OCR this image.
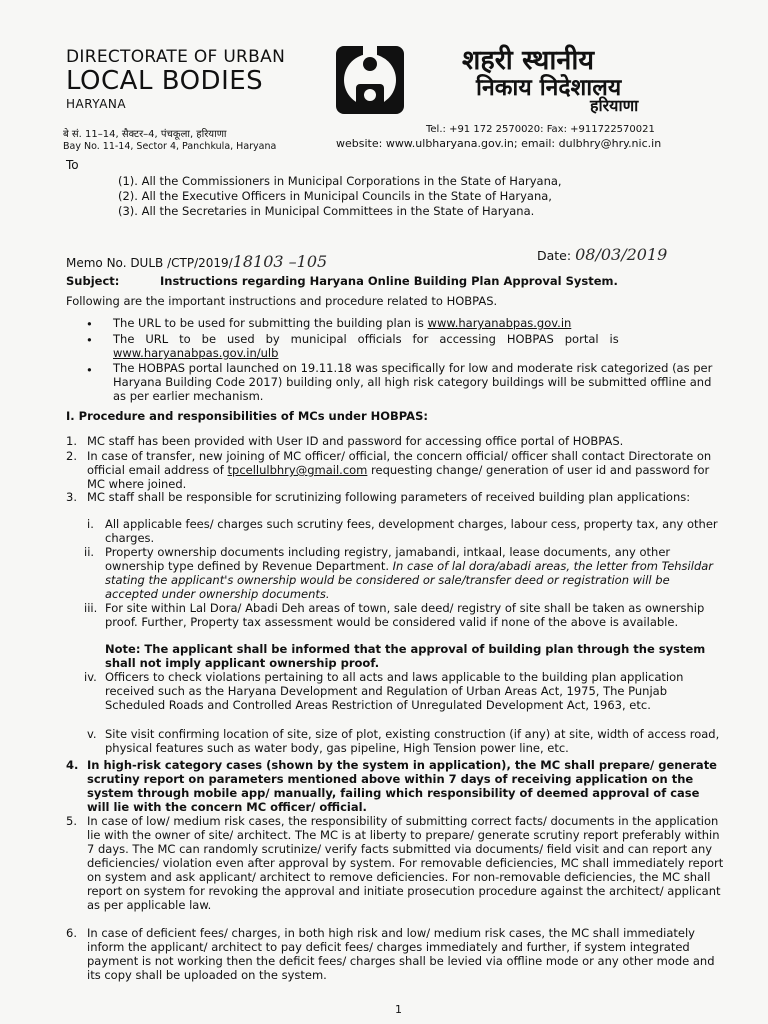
DIRECTORATE OF URBAN
LOCAL BODIES
HARYANA
शहरी स्थानीय
निकाय निदेशालय
हरियाणा
बे सं. 11–14, सैक्टर–4, पंचकूला, हरियाणा
Bay No. 11-14, Sector 4, Panchkula, Haryana
Tel.: +91 172 2570020: Fax: +911722570021
website: www.ulbharyana.gov.in; email: dulbhry@hry.nic.in
To
(1). All the Commissioners in Municipal Corporations in the State of Haryana,
(2). All the Executive Officers in Municipal Councils in the State of Haryana,
(3). All the Secretaries in Municipal Committees in the State of Haryana.
Memo No. DULB /CTP/2019/18103 –105	Date: 08/03/2019
Subject:	Instructions regarding Haryana Online Building Plan Approval System.
Following are the important instructions and procedure related to HOBPAS.
• The URL to be used for submitting the building plan is www.haryanabpas.gov.in
• The   URL   to   be   used   by   municipal   officials   for   accessing   HOBPAS   portal   is
www.haryanabpas.gov.in/ulb
• The HOBPAS portal launched on 19.11.18 was specifically for low and moderate risk categorized (as per Haryana Building Code 2017) building only, all high risk category buildings will be submitted offline and as per earlier mechanism.
I. Procedure and responsibilities of MCs under HOBPAS:
1. MC staff has been provided with User ID and password for accessing office portal of HOBPAS.
2. In case of transfer, new joining of MC officer/ official, the concern official/ officer shall contact Directorate on official email address of tpcellulbhry@gmail.com requesting change/ generation of user id and password for MC where joined.
3. MC staff shall be responsible for scrutinizing following parameters of received building plan applications:
i. All applicable fees/ charges such scrutiny fees, development charges, labour cess, property tax, any other charges.
ii. Property ownership documents including registry, jamabandi, intkaal, lease documents, any other ownership type defined by Revenue Department. In case of lal dora/abadi areas, the letter from Tehsildar stating the applicant's ownership would be considered or sale/transfer deed or registration will be accepted under ownership documents.
iii. For site within Lal Dora/ Abadi Deh areas of town, sale deed/ registry of site shall be taken as ownership proof. Further, Property tax assessment would be considered valid if none of the above is available.
Note: The applicant shall be informed that the approval of building plan through the system shall not imply applicant ownership proof.
iv. Officers to check violations pertaining to all acts and laws applicable to the building plan application received such as the Haryana Development and Regulation of Urban Areas Act, 1975, The Punjab Scheduled Roads and Controlled Areas Restriction of Unregulated Development Act, 1963, etc.
v. Site visit confirming location of site, size of plot, existing construction (if any) at site, width of access road, physical features such as water body, gas pipeline, High Tension power line, etc.
4. In high-risk category cases (shown by the system in application), the MC shall prepare/ generate scrutiny report on parameters mentioned above within 7 days of receiving application on the system through mobile app/ manually, failing which responsibility of deemed approval of case will lie with the concern MC officer/ official.
5. In case of low/ medium risk cases, the responsibility of submitting correct facts/ documents in the application lie with the owner of site/ architect. The MC is at liberty to prepare/ generate scrutiny report preferably within 7 days. The MC can randomly scrutinize/ verify facts submitted via documents/ field visit and can report any deficiencies/ violation even after approval by system. For removable deficiencies, MC shall immediately report on system and ask applicant/ architect to remove deficiencies. For non-removable deficiencies, the MC shall report on system for revoking the approval and initiate prosecution procedure against the architect/ applicant as per applicable law.
6. In case of deficient fees/ charges, in both high risk and low/ medium risk cases, the MC shall immediately inform the applicant/ architect to pay deficit fees/ charges immediately and further, if system integrated payment is not working then the deficit fees/ charges shall be levied via offline mode or any other mode and its copy shall be uploaded on the system.
1
